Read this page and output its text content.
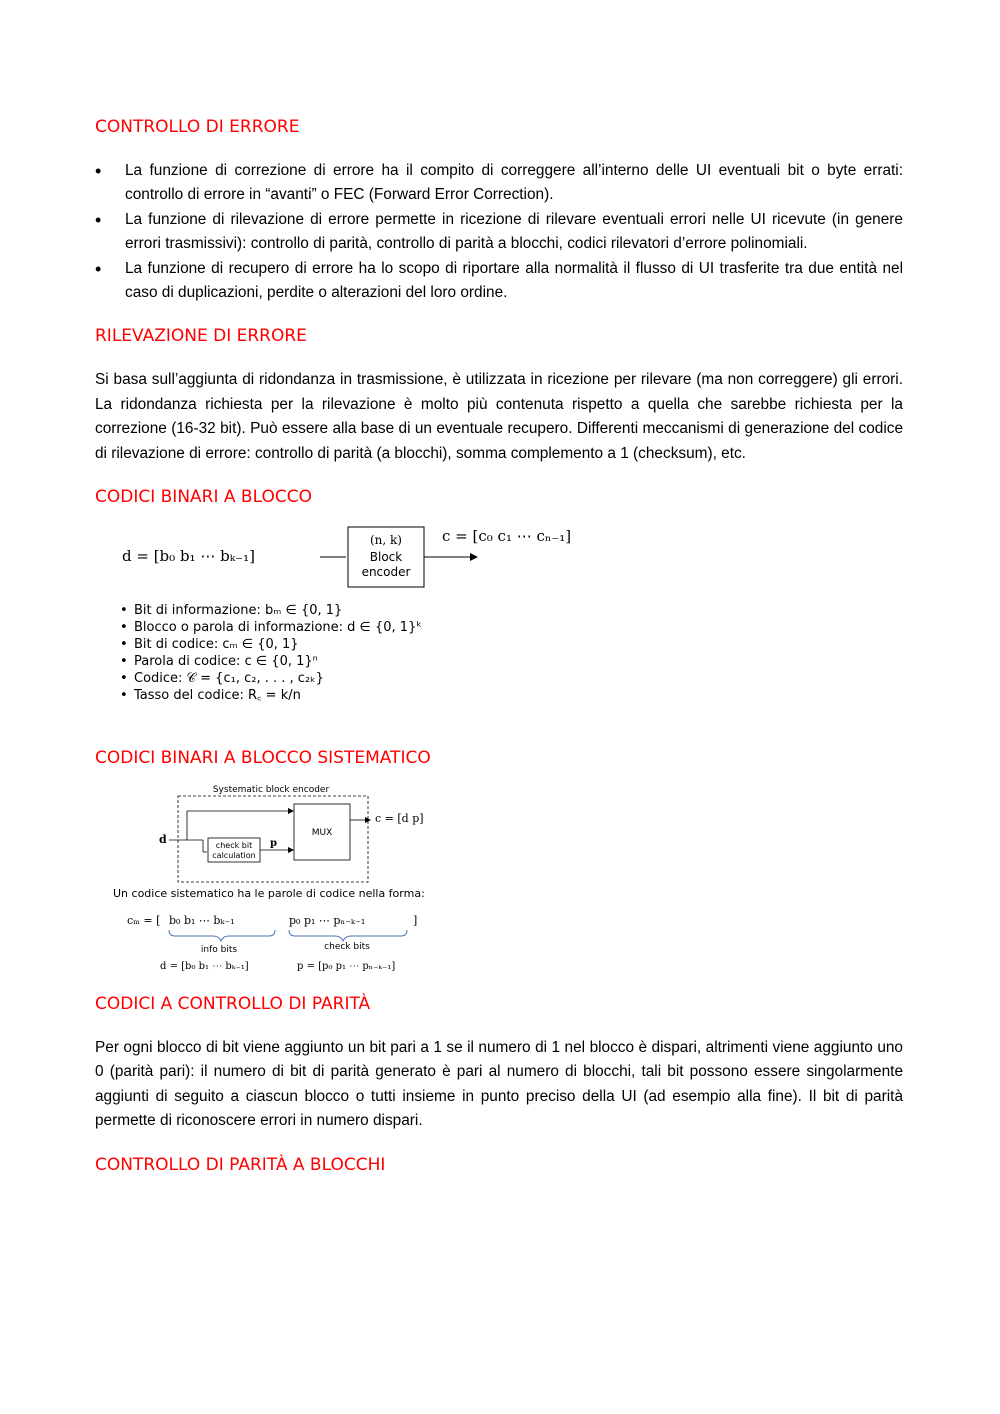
CONTROLLO DI ERRORE
• La funzione di correzione di errore ha il compito di correggere all’interno delle UI eventuali bit o byte errati: controllo di errore in “avanti” o FEC (Forward Error Correction).
• La funzione di rilevazione di errore permette in ricezione di rilevare eventuali errori nelle UI ricevute (in genere errori trasmissivi): controllo di parità, controllo di parità a blocchi, codici rilevatori d’errore polinomiali.
• La funzione di recupero di errore ha lo scopo di riportare alla normalità il flusso di UI trasferite tra due entità nel caso di duplicazioni, perdite o alterazioni del loro ordine.
RILEVAZIONE DI ERRORE

Si basa sull’aggiunta di ridondanza in trasmissione, è utilizzata in ricezione per rilevare (ma non correggere) gli errori. La ridondanza richiesta per la rilevazione è molto più contenuta rispetto a quella che sarebbe richiesta per la correzione (16-32 bit). Può essere alla base di un eventuale recupero. Differenti meccanismi di generazione del codice di rilevazione di errore: controllo di parità (a blocchi), somma complemento a 1 (checksum), etc.

CODICI BINARI A BLOCCO
d = [b₀ b₁ ⋯ bₖ₋₁]
(n, k)
Block
encoder
c = [c₀ c₁ ⋯ cₙ₋₁]
• Bit di informazione: bₘ ∈ {0, 1}
• Blocco o parola di informazione: d ∈ {0, 1}ᵏ
• Bit di codice: cₘ ∈ {0, 1}
• Parola di codice: c ∈ {0, 1}ⁿ
• Codice: 𝒞 = {c₁, c₂, . . . , c₂ₖ}
• Tasso del codice: R꜀ = k/n
CODICI BINARI A BLOCCO SISTEMATICO
Systematic block encoder
d	check bit
calculation
p
MUX
c = [d p]
Un codice sistematico ha le parole di codice nella forma:
cₘ = [ b₀ b₁ ⋯ bₖ₋₁	p₀ p₁ ⋯ pₙ₋ₖ₋₁	]
info bits	check bits
d = [b₀ b₁ ⋯ bₖ₋₁]	p = [p₀ p₁ ⋯ pₙ₋ₖ₋₁]
CODICI A CONTROLLO DI PARITÀ

Per ogni blocco di bit viene aggiunto un bit pari a 1 se il numero di 1 nel blocco è dispari, altrimenti viene aggiunto uno 0 (parità pari): il numero di bit di parità generato è pari al numero di blocchi, tali bit possono essere singolarmente aggiunti di seguito a ciascun blocco o tutti insieme in punto preciso della UI (ad esempio alla fine). Il bit di parità permette di riconoscere errori in numero dispari.

CONTROLLO DI PARITÀ A BLOCCHI
